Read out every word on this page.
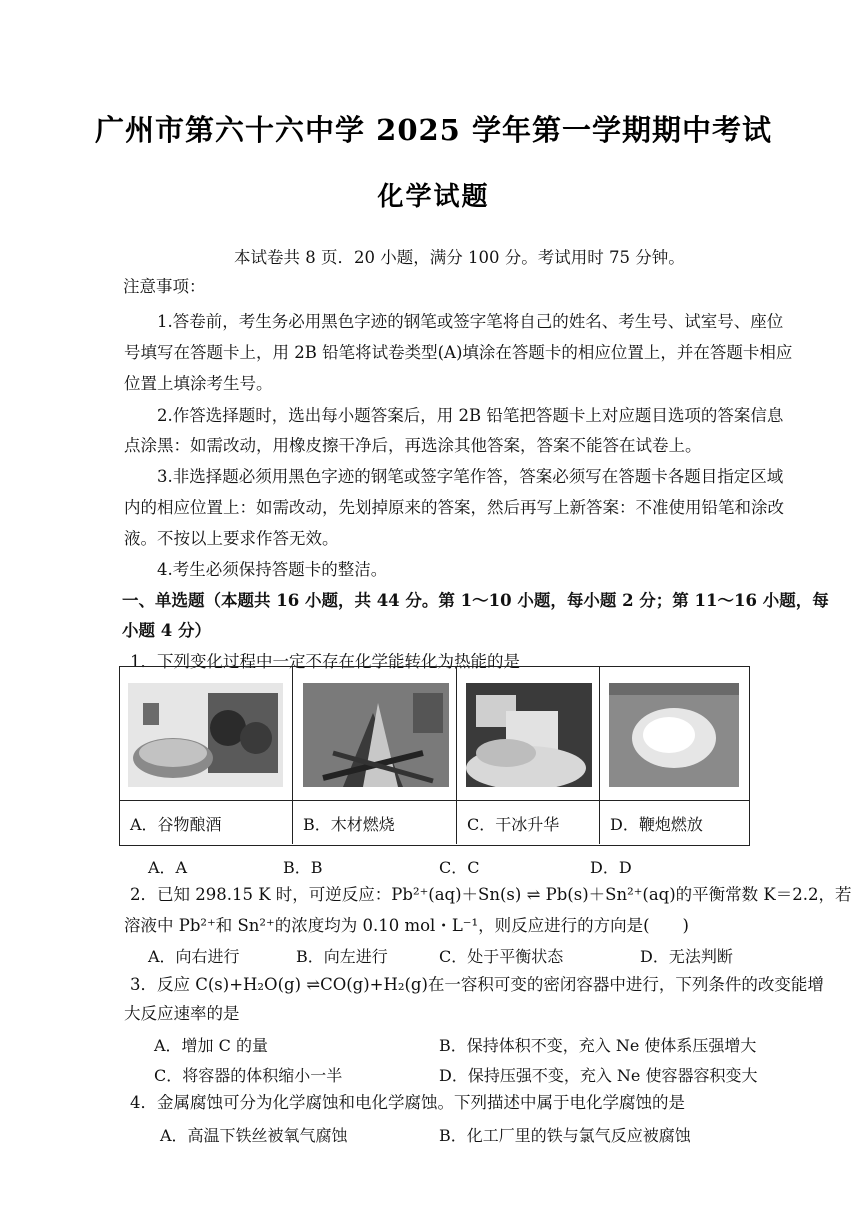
广州市第六十六中学 2025 学年第一学期期中考试
化学试题
本试卷共 8 页．20 小题，满分 100 分。考试用时 75 分钟。
注意事项：
1.答卷前，考生务必用黑色字迹的钢笔或签字笔将自己的姓名、考生号、试室号、座位
号填写在答题卡上，用 2B 铅笔将试卷类型(A)填涂在答题卡的相应位置上，并在答题卡相应
位置上填涂考生号。
2.作答选择题时，选出每小题答案后，用 2B 铅笔把答题卡上对应题目选项的答案信息
点涂黑：如需改动，用橡皮擦干净后，再选涂其他答案，答案不能答在试卷上。
3.非选择题必须用黑色字迹的钢笔或签字笔作答，答案必须写在答题卡各题目指定区域
内的相应位置上：如需改动，先划掉原来的答案，然后再写上新答案：不准使用铅笔和涂改
液。不按以上要求作答无效。
4.考生必须保持答题卡的整洁。
一、单选题（本题共 16 小题，共 44 分。第 1～10 小题，每小题 2 分；第 11～16 小题，每
小题 4 分）
1．下列变化过程中一定不存在化学能转化为热能的是
A．谷物酿酒	B．木材燃烧	C．干冰升华	D．鞭炮燃放
A．A	B．B	C．C	D．D
2．已知 298.15 K 时，可逆反应：Pb²⁺(aq)＋Sn(s) ⇌ Pb(s)＋Sn²⁺(aq)的平衡常数 K＝2.2，若
溶液中 Pb²⁺和 Sn²⁺的浓度均为 0.10 mol・L⁻¹，则反应进行的方向是(　　)
A．向右进行	B．向左进行	C．处于平衡状态	D．无法判断
3．反应 C(s)+H₂O(g) ⇌CO(g)+H₂(g)在一容积可变的密闭容器中进行，下列条件的改变能增
大反应速率的是
A．增加 C 的量	B．保持体积不变，充入 Ne 使体系压强增大
C．将容器的体积缩小一半	D．保持压强不变，充入 Ne 使容器容积变大
4．金属腐蚀可分为化学腐蚀和电化学腐蚀。下列描述中属于电化学腐蚀的是
A．高温下铁丝被氧气腐蚀	B．化工厂里的铁与氯气反应被腐蚀
